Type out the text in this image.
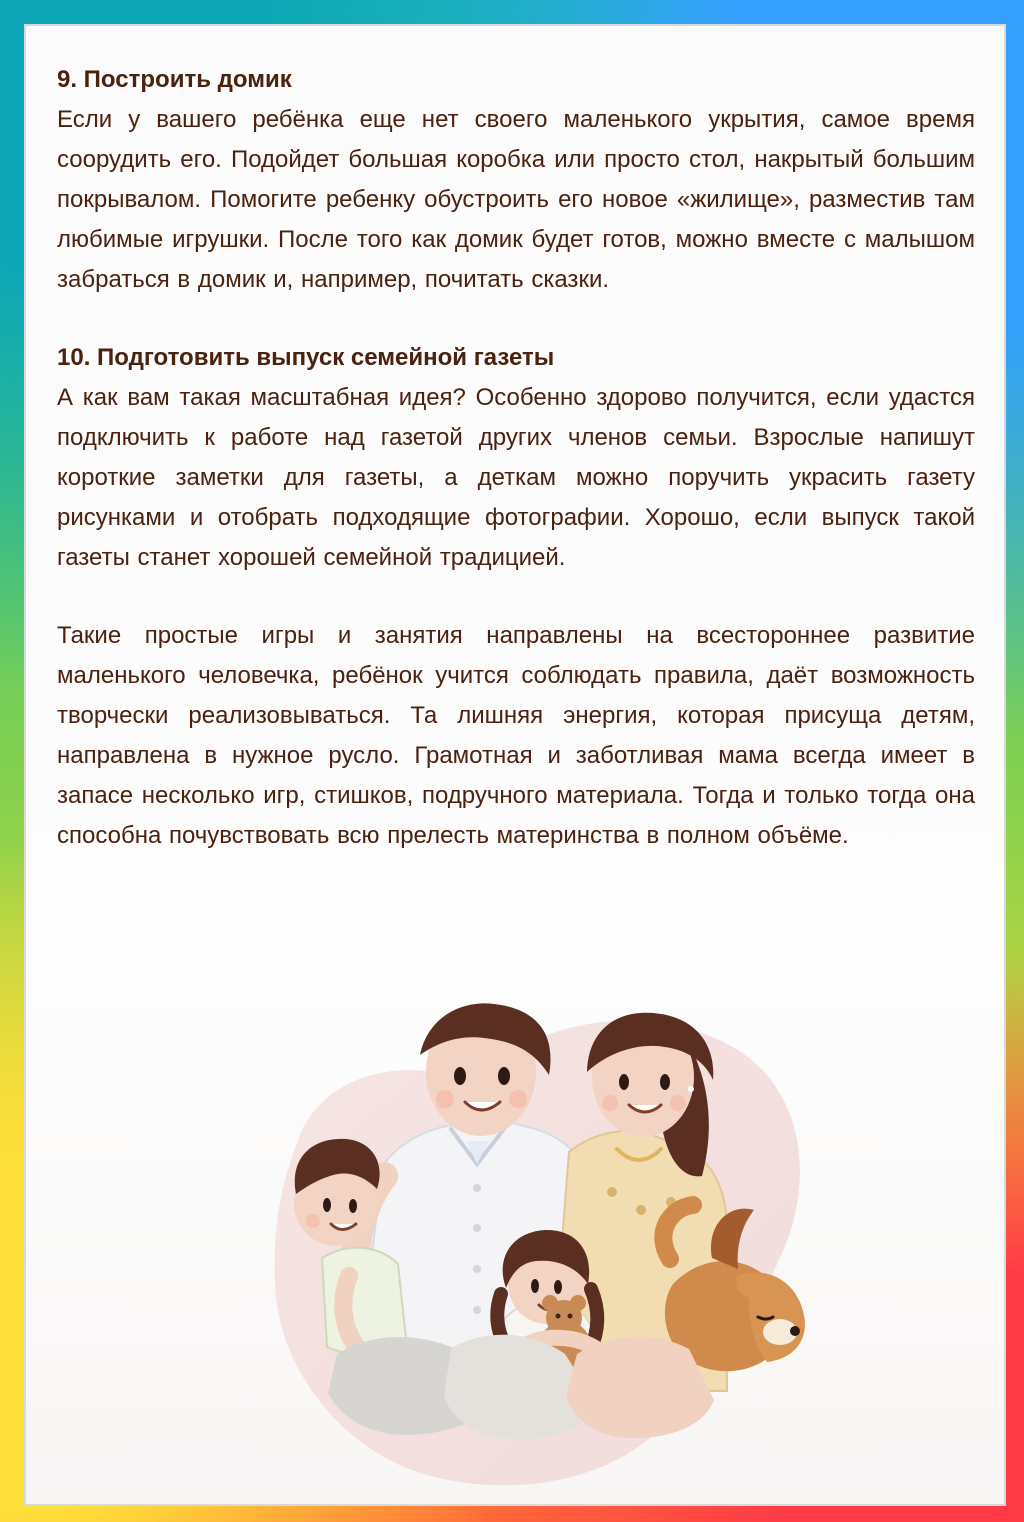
9. Построить домик

Если у вашего ребёнка еще нет своего маленького укрытия, самое время соорудить его. Подойдет большая коробка или просто стол, накрытый большим покрывалом. Помогите ребенку обустроить его новое «жилище», разместив там любимые игрушки. После того как домик будет готов, можно вместе с малышом забраться в домик и, например, почитать сказки.

10. Подготовить выпуск семейной газеты

А как вам такая масштабная идея? Особенно здорово получится, если удастся подключить к работе над газетой других членов семьи. Взрослые напишут короткие заметки для газеты, а деткам можно поручить украсить газету рисунками и отобрать подходящие фотографии. Хорошо, если выпуск такой газеты станет хорошей семейной традицией.

Такие простые игры и занятия направлены на всестороннее развитие маленького человечка, ребёнок учится соблюдать правила, даёт возможность творчески реализовываться. Та лишняя энергия, которая присуща детям, направлена в нужное русло. Грамотная и заботливая мама всегда имеет в запасе несколько игр, стишков, подручного материала. Тогда и только тогда она способна почувствовать всю прелесть материнства в полном объёме.
